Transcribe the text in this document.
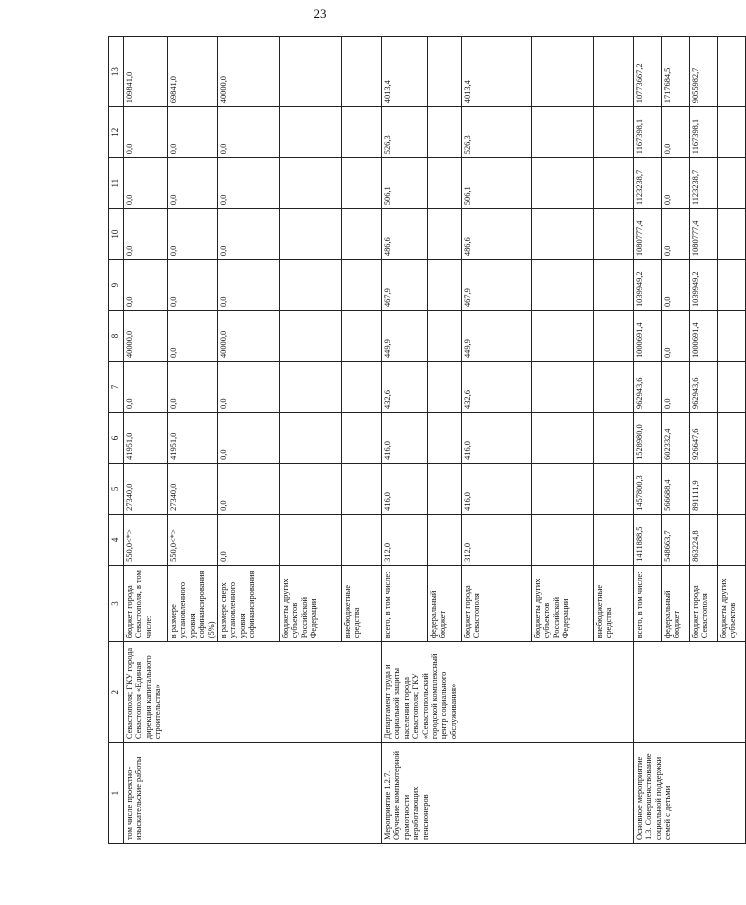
23
1	2	3	4	5	6	7	8	9	10	11	12	13
том числе проектно-изыскательские работы	Севастополя; ГКУ города Севастополя «Единая дирекция капитального строительства»	бюджет города Севастополя, в том числе:	550,0<*>	27340,0	41951,0	0,0	40000,0	0,0	0,0	0,0	0,0	109841,0
		в размере установленного уровня софинансирования (5%)	550,0<*>	27340,0	41951,0	0,0	0,0	0,0	0,0	0,0	0,0	69841,0
		в размере сверх установленного уровня софинансирования	0,0	0,0	0,0	0,0	40000,0	0,0	0,0	0,0	0,0	40000,0
		бюджеты других субъектов Российской Федерации										
		внебюджетные средства										
Мероприятие 1.2.7. Обучение компьютерной грамотности неработающих пенсионеров	Департамент труда и социальной защиты населения города Севастополя; ГКУ «Севастопольский городской комплексный центр социального обслуживания»	всего, в том числе:	312,0	416,0	416,0	432,6	449,9	467,9	486,6	506,1	526,3	4013,4
		федеральный бюджет										
		бюджет города Севастополя	312,0	416,0	416,0	432,6	449,9	467,9	486,6	506,1	526,3	4013,4
		бюджеты других субъектов Российской Федерации										
		внебюджетные средства										
Основное мероприятие 1.3. Совершенствование социальной поддержки семей с детьми		всего, в том числе:	1411888,5	1457800,3	1528980,0	962943,6	1000691,4	1039949,2	1080777,4	1123238,7	1167398,1	10773667,2
		федеральный бюджет	548663,7	566688,4	602332,4	0,0	0,0	0,0	0,0	0,0	0,0	1717684,5
		бюджет города Севастополя	863224,8	891111,9	926647,6	962943,6	1000691,4	1039949,2	1080777,4	1123238,7	1167398,1	9055982,7
		бюджеты других субъектов										
